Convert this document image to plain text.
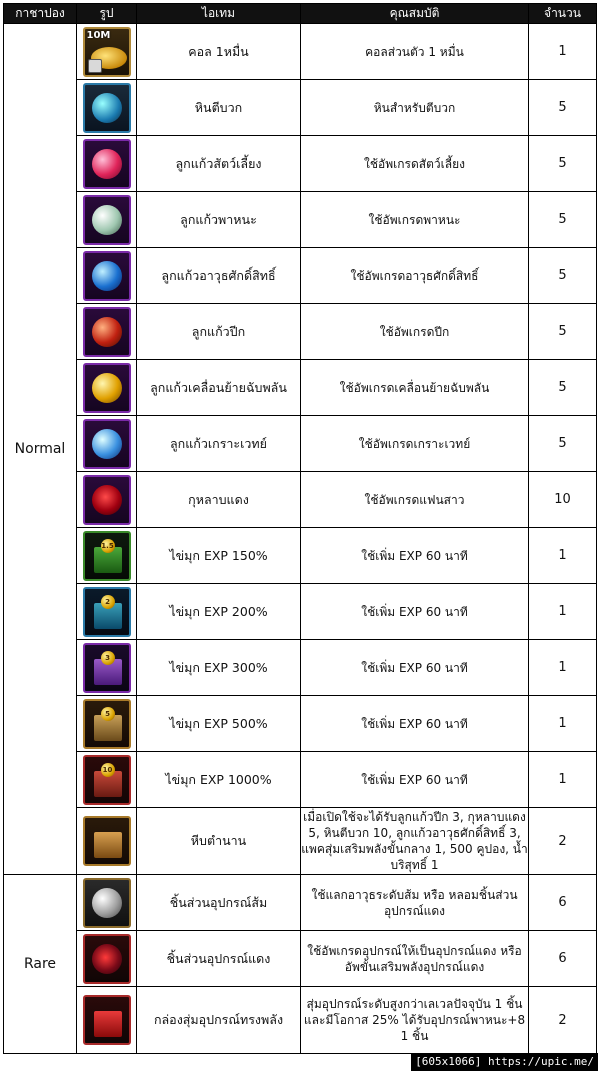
กาชาปอง	รูป	ไอเทม	คุณสมบัติ	จำนวน
Normal	10M	คอล 1หมื่น	คอลส่วนตัว 1 หมื่น	1

		หินตีบวก	หินสำหรับตีบวก	5

		ลูกแก้วสัตว์เลี้ยง	ใช้อัพเกรดสัตว์เลี้ยง	5

		ลูกแก้วพาหนะ	ใช้อัพเกรดพาหนะ	5

		ลูกแก้วอาวุธศักดิ์สิทธิ์	ใช้อัพเกรดอาวุธศักดิ์สิทธิ์	5

		ลูกแก้วปีก	ใช้อัพเกรดปีก	5

		ลูกแก้วเคลื่อนย้ายฉับพลัน	ใช้อัพเกรดเคลื่อนย้ายฉับพลัน	5

		ลูกแก้วเกราะเวทย์	ใช้อัพเกรดเกราะเวทย์	5

		กุหลาบแดง	ใช้อัพเกรดแฟนสาว	10

	1.5	ไข่มุก EXP 150%	ใช้เพิ่ม EXP 60 นาที	1

	2	ไข่มุก EXP 200%	ใช้เพิ่ม EXP 60 นาที	1

	3	ไข่มุก EXP 300%	ใช้เพิ่ม EXP 60 นาที	1

	5	ไข่มุก EXP 500%	ใช้เพิ่ม EXP 60 นาที	1

	10	ไข่มุก EXP 1000%	ใช้เพิ่ม EXP 60 นาที	1

		หีบตำนาน	เมื่อเปิดใช้จะได้รับลูกแก้วปีก 3, กุหลาบแดง 5, หินตีบวก 10, ลูกแก้วอาวุธศักดิ์สิทธิ์ 3, แพคสุ่มเสริมพลังขั้นกลาง 1, 500 คูปอง, น้ำบริสุทธิ์ 1	2
Rare		ชิ้นส่วนอุปกรณ์ส้ม	ใช้แลกอาวุธระดับส้ม หรือ หลอมชิ้นส่วนอุปกรณ์แดง	6

		ชิ้นส่วนอุปกรณ์แดง	ใช้อัพเกรดอุปกรณ์ให้เป็นอุปกรณ์แดง หรืออัพขั้นเสริมพลังอุปกรณ์แดง	6

		กล่องสุ่มอุปกรณ์ทรงพลัง	สุ่มอุปกรณ์ระดับสูงกว่าเลเวลปัจจุบัน 1 ชิ้น และมีโอกาส 25% ได้รับอุปกรณ์พาหนะ+8 1 ชิ้น	2
[605x1066] https://upic.me/
